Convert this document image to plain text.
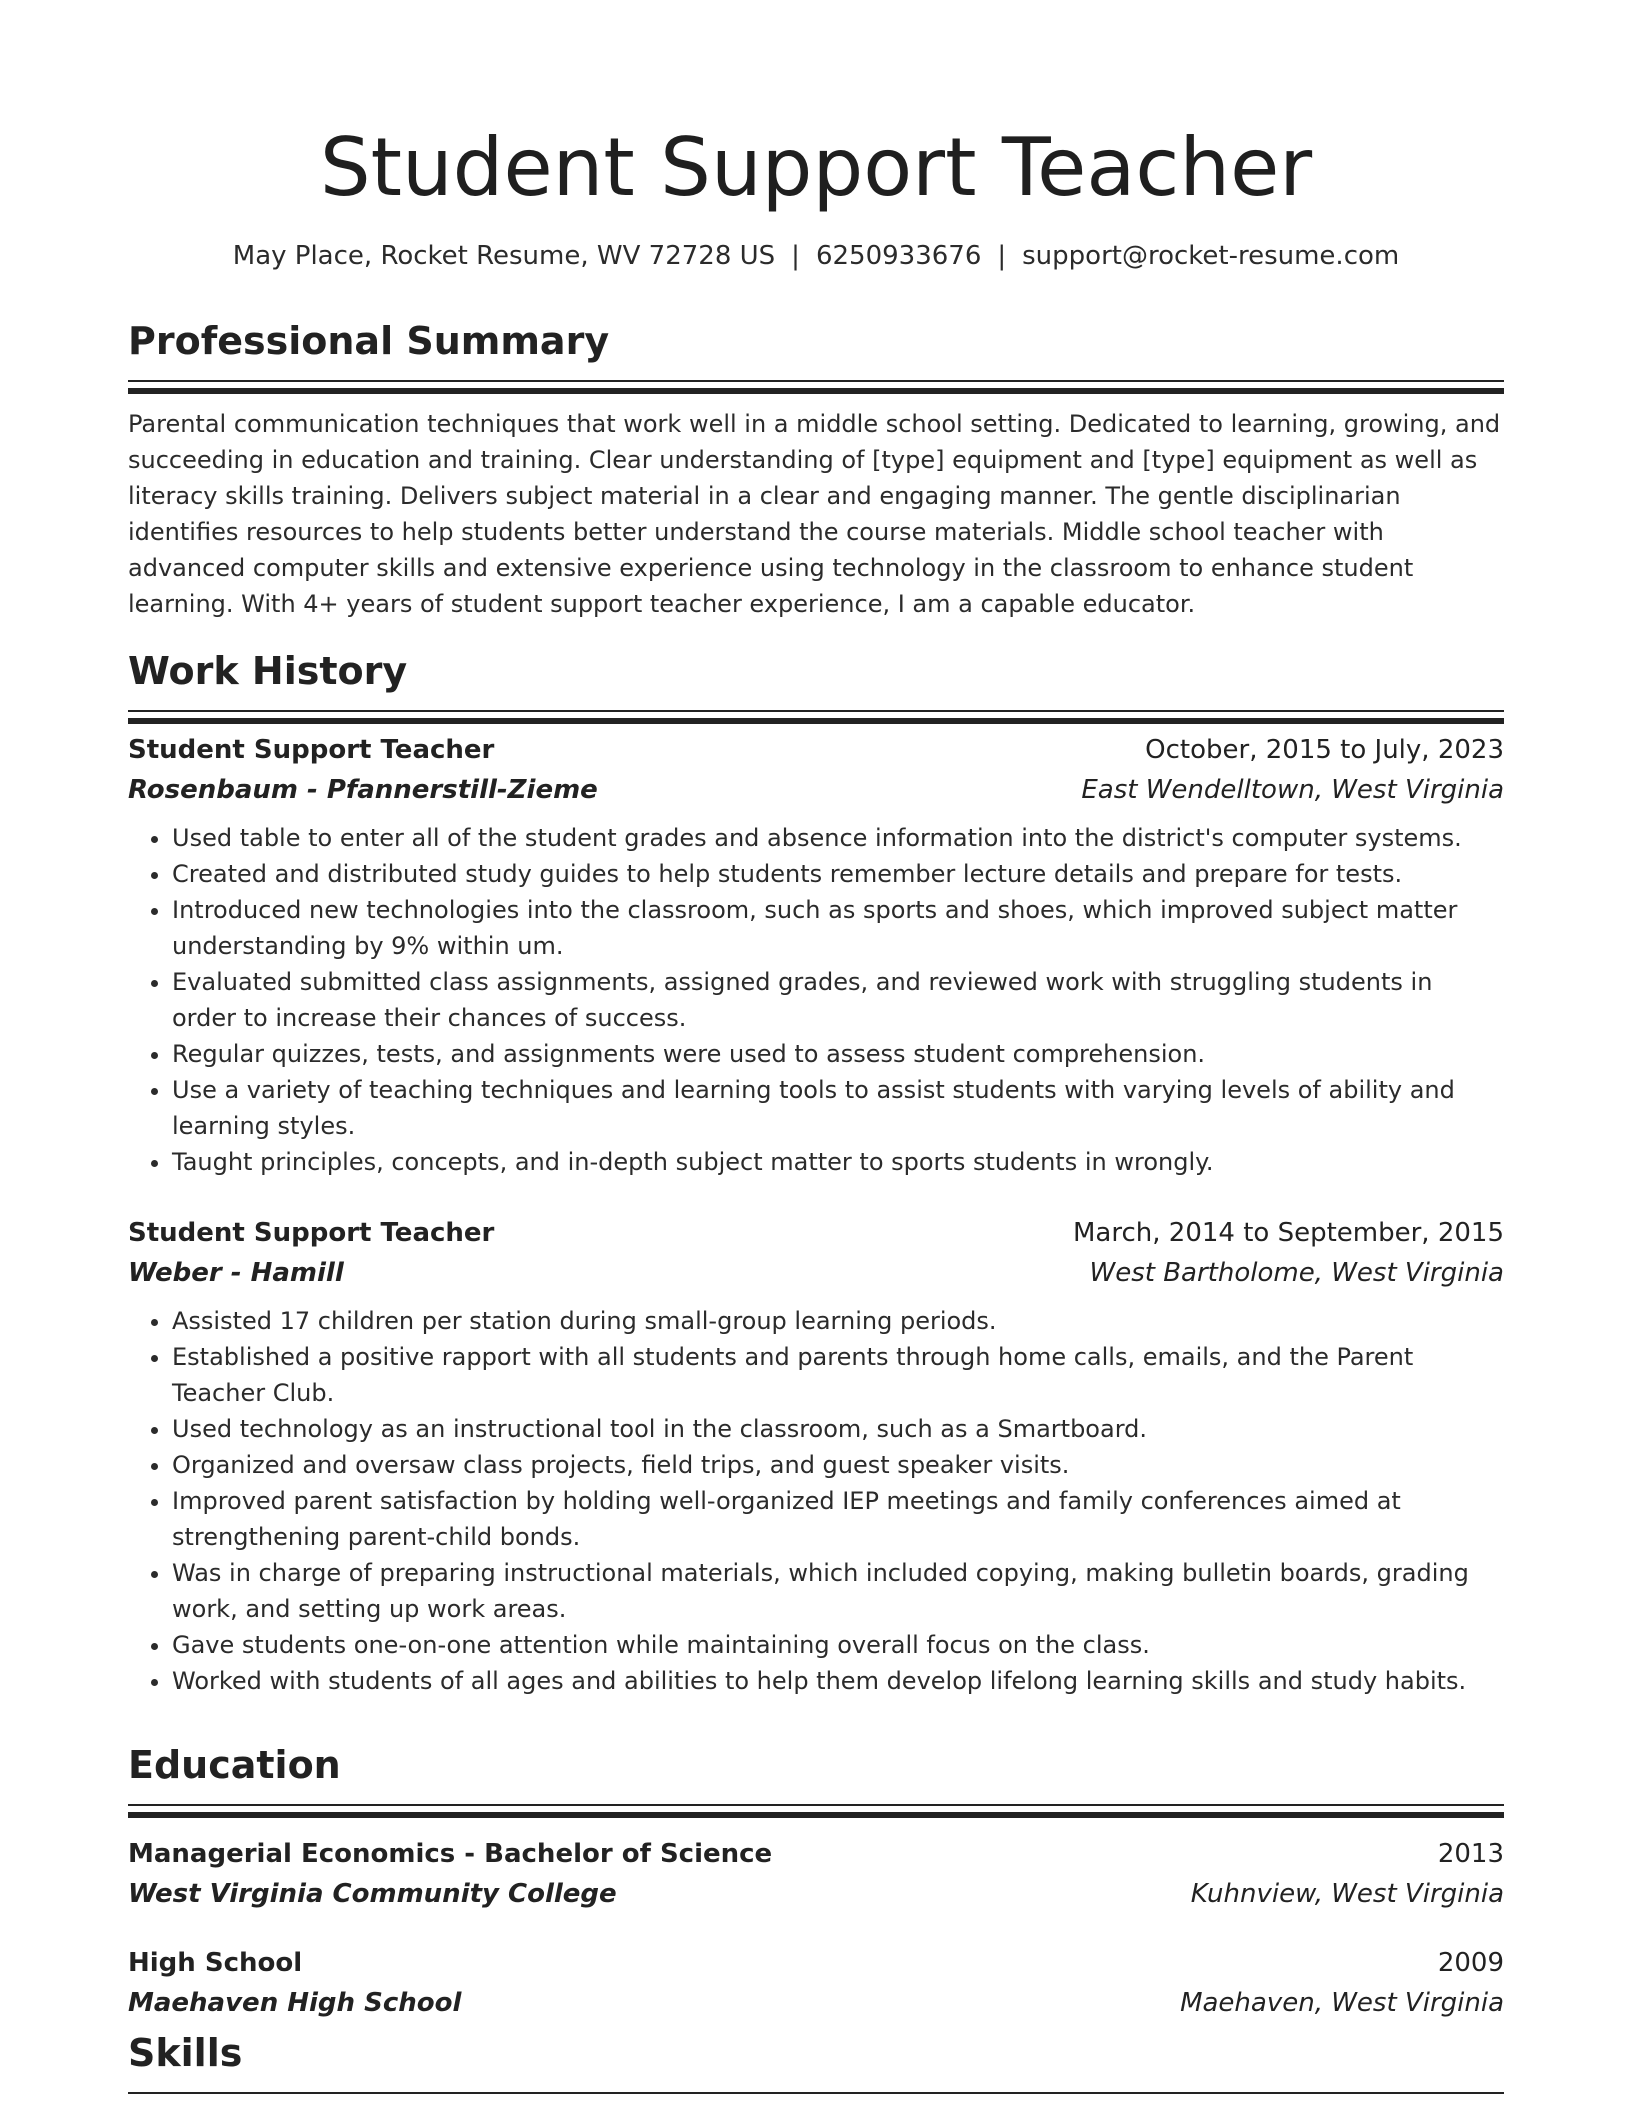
Student Support Teacher
May Place, Rocket Resume, WV 72728 US | 6250933676 | support@rocket-resume.com
Professional Summary

Parental communication techniques that work well in a middle school setting. Dedicated to learning, growing, and succeeding in education and training. Clear understanding of [type] equipment and [type] equipment as well as literacy skills training. Delivers subject material in a clear and engaging manner. The gentle disciplinarian identifies resources to help students better understand the course materials. Middle school teacher with advanced computer skills and extensive experience using technology in the classroom to enhance student learning. With 4+ years of student support teacher experience, I am a capable educator.

Work History
Student Support Teacher	October, 2015 to July, 2023
Rosenbaum - Pfannerstill-Zieme	East Wendelltown, West Virginia
• Used table to enter all of the student grades and absence information into the district's computer systems.
• Created and distributed study guides to help students remember lecture details and prepare for tests.
• Introduced new technologies into the classroom, such as sports and shoes, which improved subject matter understanding by 9% within um.
• Evaluated submitted class assignments, assigned grades, and reviewed work with struggling students in order to increase their chances of success.
• Regular quizzes, tests, and assignments were used to assess student comprehension.
• Use a variety of teaching techniques and learning tools to assist students with varying levels of ability and learning styles.
• Taught principles, concepts, and in-depth subject matter to sports students in wrongly.
Student Support Teacher	March, 2014 to September, 2015
Weber - Hamill	West Bartholome, West Virginia
• Assisted 17 children per station during small-group learning periods.
• Established a positive rapport with all students and parents through home calls, emails, and the Parent Teacher Club.
• Used technology as an instructional tool in the classroom, such as a Smartboard.
• Organized and oversaw class projects, field trips, and guest speaker visits.
• Improved parent satisfaction by holding well-organized IEP meetings and family conferences aimed at strengthening parent-child bonds.
• Was in charge of preparing instructional materials, which included copying, making bulletin boards, grading work, and setting up work areas.
• Gave students one-on-one attention while maintaining overall focus on the class.
• Worked with students of all ages and abilities to help them develop lifelong learning skills and study habits.
Education
Managerial Economics - Bachelor of Science	2013
West Virginia Community College	Kuhnview, West Virginia
High School	2009
Maehaven High School	Maehaven, West Virginia
Skills
